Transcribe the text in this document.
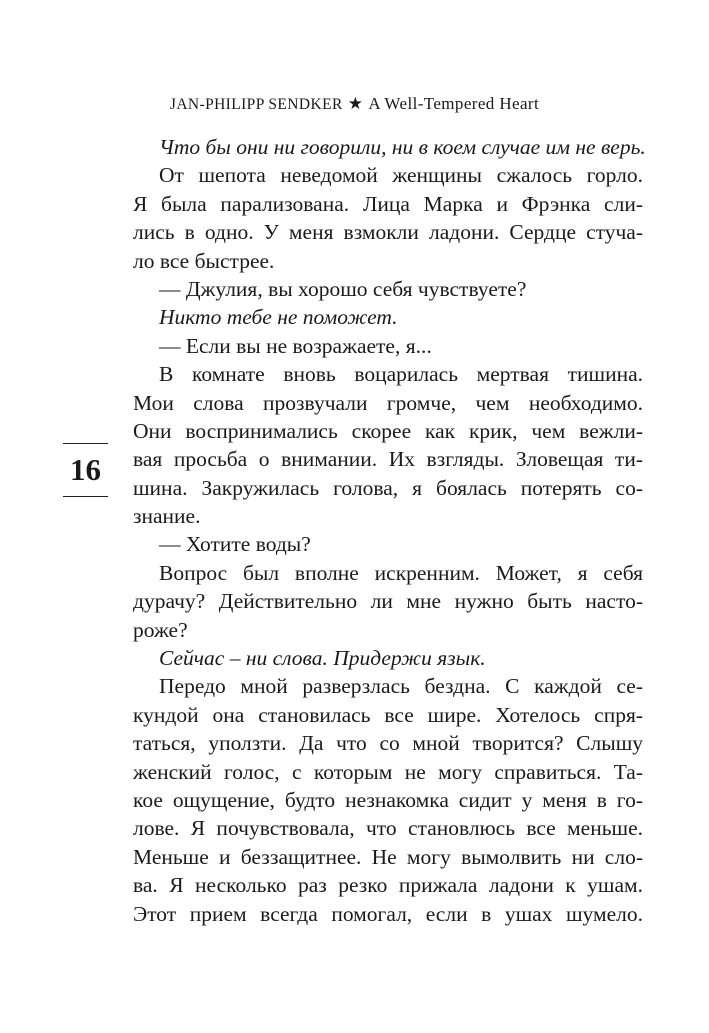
JAN-PHILIPP SENDKER ★ A Well-Tempered Heart
16
Что бы они ни говорили, ни в коем случае им не верь.
От шепота неведомой женщины сжалось горло.
Я была парализована. Лица Марка и Фрэнка сли-
лись в одно. У меня взмокли ладони. Сердце стуча-
ло все быстрее.
— Джулия, вы хорошо себя чувствуете?
Никто тебе не поможет.
— Если вы не возражаете, я...
В комнате вновь воцарилась мертвая тишина.
Мои слова прозвучали громче, чем необходимо.
Они воспринимались скорее как крик, чем вежли-
вая просьба о внимании. Их взгляды. Зловещая ти-
шина. Закружилась голова, я боялась потерять со-
знание.
— Хотите воды?
Вопрос был вполне искренним. Может, я себя
дурачу? Действительно ли мне нужно быть насто-
роже?
Сейчас – ни слова. Придержи язык.
Передо мной разверзлась бездна. С каждой се-
кундой она становилась все шире. Хотелось спря-
таться, уползти. Да что со мной творится? Слышу
женский голос, с которым не могу справиться. Та-
кое ощущение, будто незнакомка сидит у меня в го-
лове. Я почувствовала, что становлюсь все меньше.
Меньше и беззащитнее. Не могу вымолвить ни сло-
ва. Я несколько раз резко прижала ладони к ушам.
Этот прием всегда помогал, если в ушах шумело.
